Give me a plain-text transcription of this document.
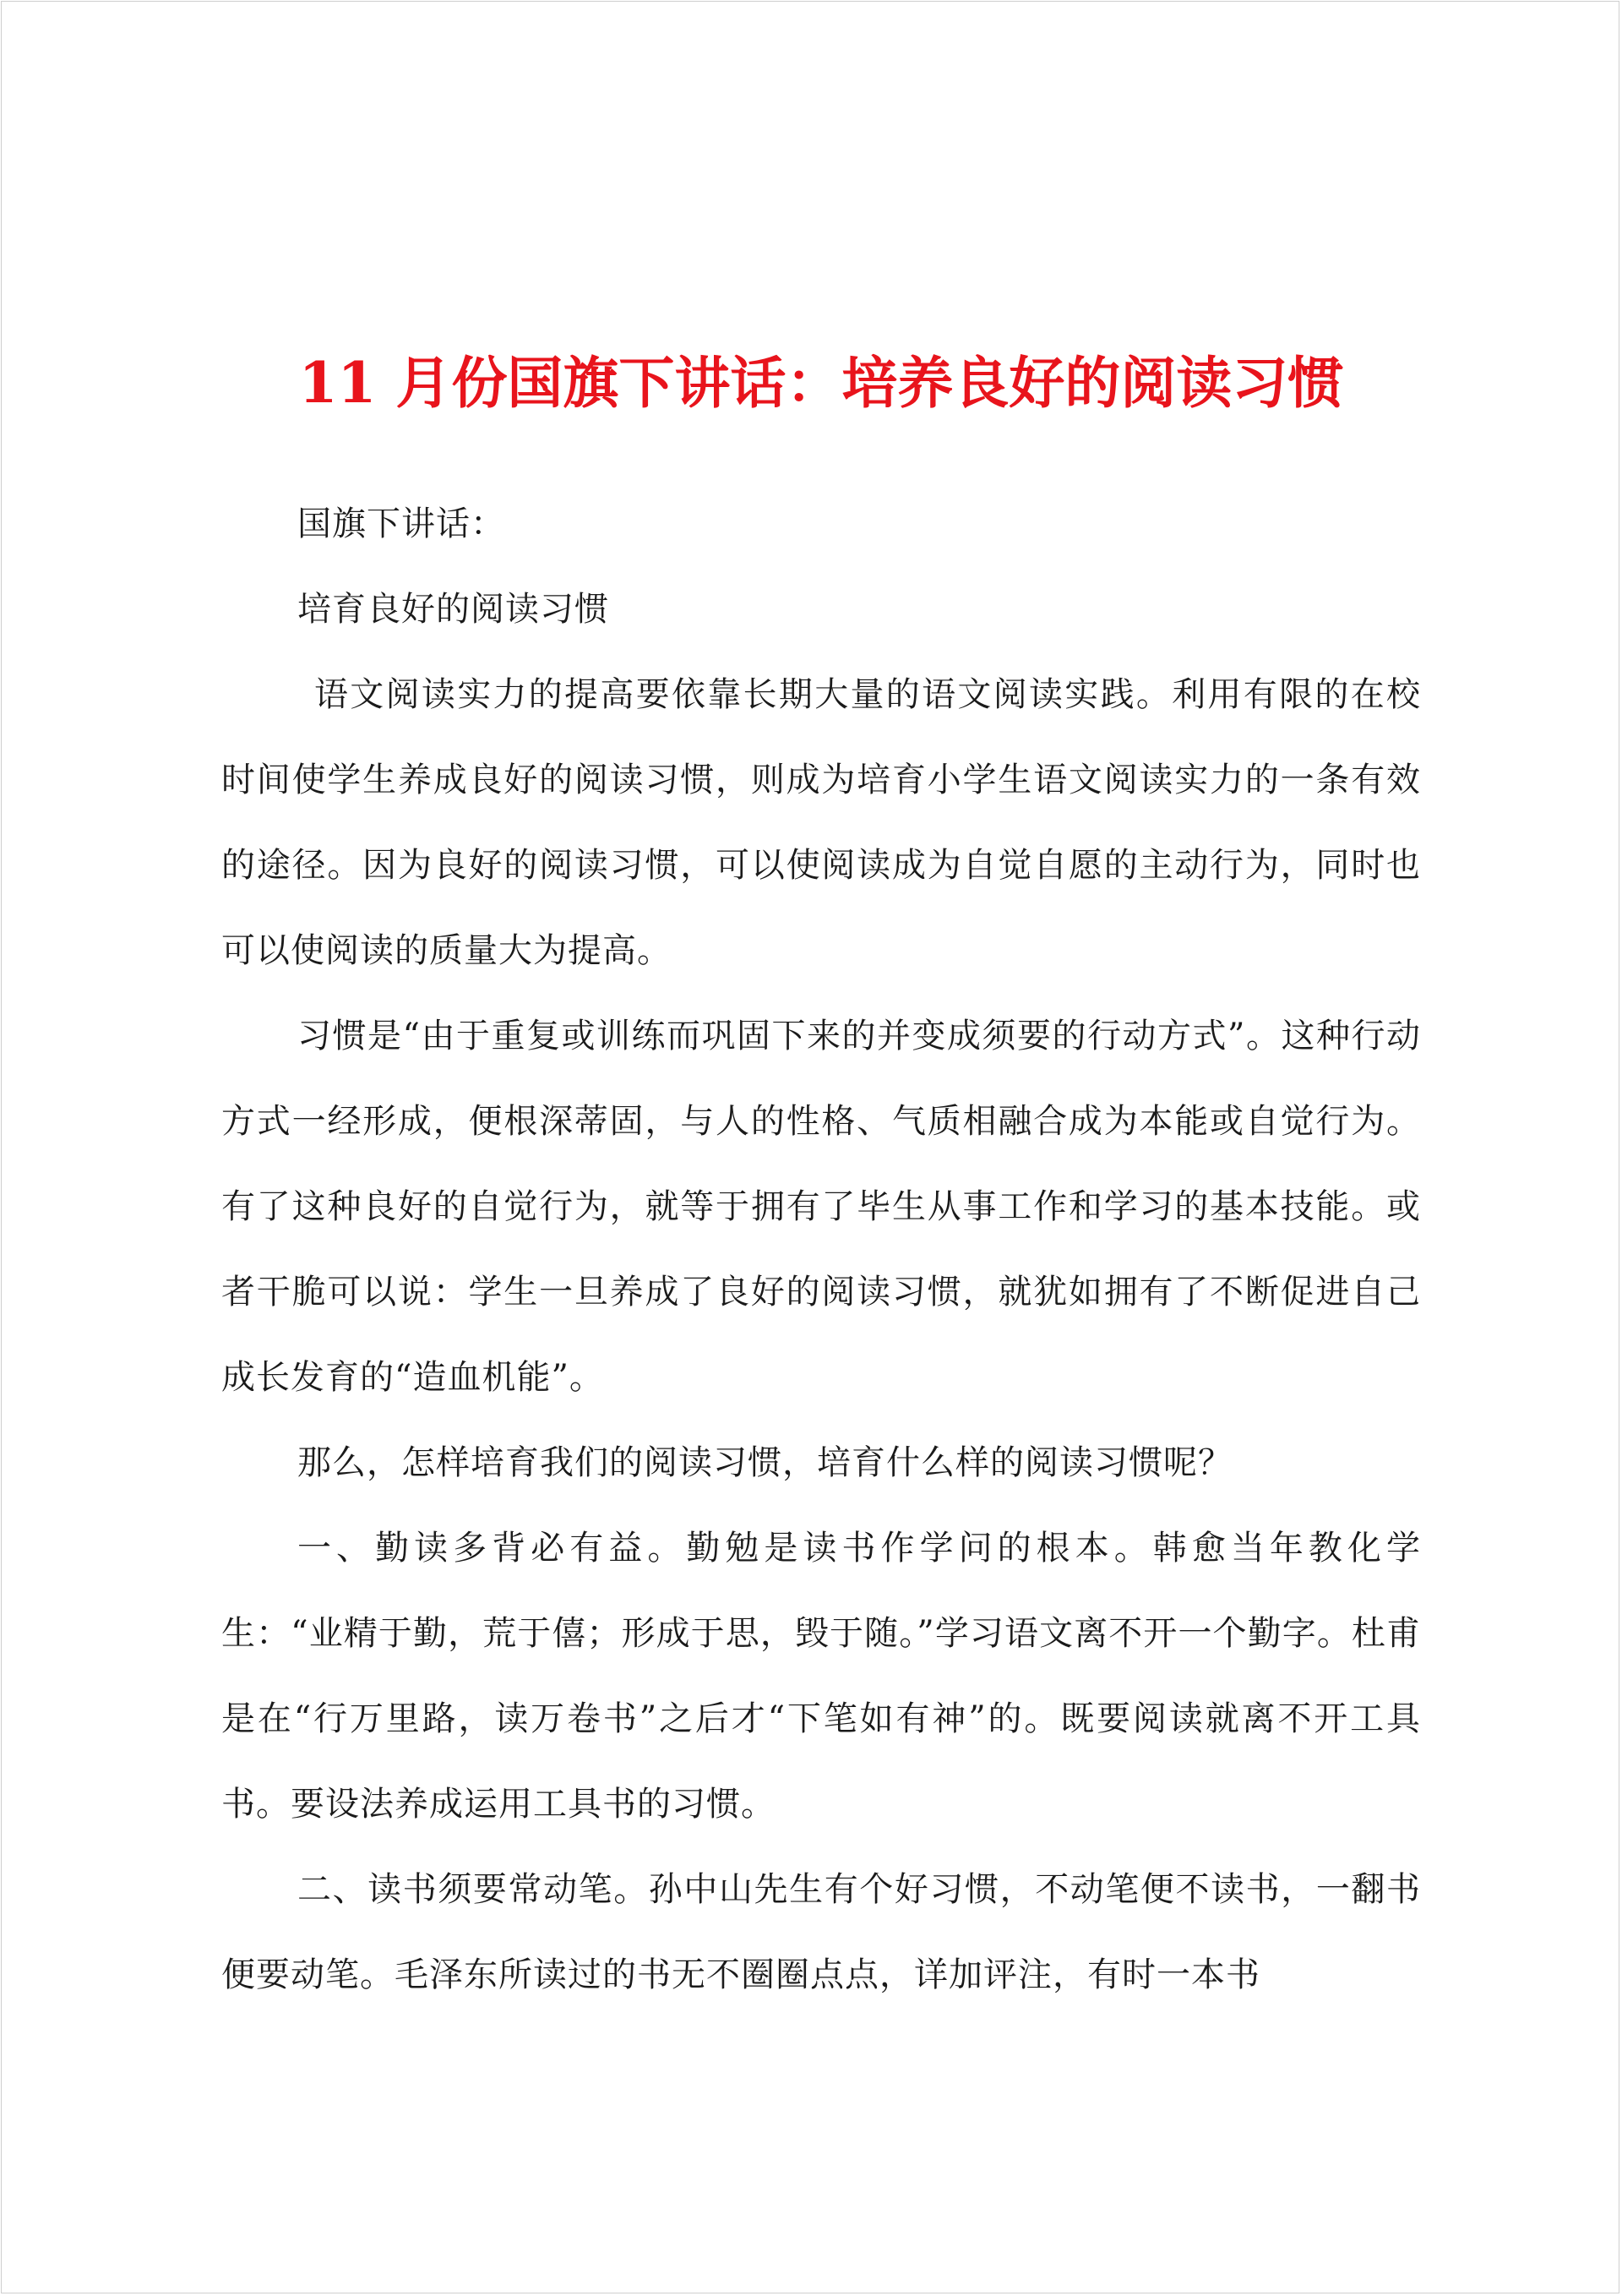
11 月份国旗下讲话：培养良好的阅读习惯

国旗下讲话：

培育良好的阅读习惯

语文阅读实力的提高要依靠长期大量的语文阅读实践。利用有限的在校时间使学生养成良好的阅读习惯，则成为培育小学生语文阅读实力的一条有效的途径。因为良好的阅读习惯，可以使阅读成为自觉自愿的主动行为，同时也可以使阅读的质量大为提高。

习惯是“由于重复或训练而巩固下来的并变成须要的行动方式”。这种行动方式一经形成，便根深蒂固，与人的性格、气质相融合成为本能或自觉行为。有了这种良好的自觉行为，就等于拥有了毕生从事工作和学习的基本技能。或者干脆可以说：学生一旦养成了良好的阅读习惯，就犹如拥有了不断促进自己成长发育的“造血机能”。

那么，怎样培育我们的阅读习惯，培育什么样的阅读习惯呢？

一、勤读多背必有益。勤勉是读书作学问的根本。韩愈当年教化学生：“业精于勤，荒于僖；形成于思，毁于随。”学习语文离不开一个勤字。杜甫是在“行万里路，读万卷书”之后才“下笔如有神”的。既要阅读就离不开工具书。要设法养成运用工具书的习惯。

二、读书须要常动笔。孙中山先生有个好习惯，不动笔便不读书，一翻书便要动笔。毛泽东所读过的书无不圈圈点点，详加评注，有时一本书
